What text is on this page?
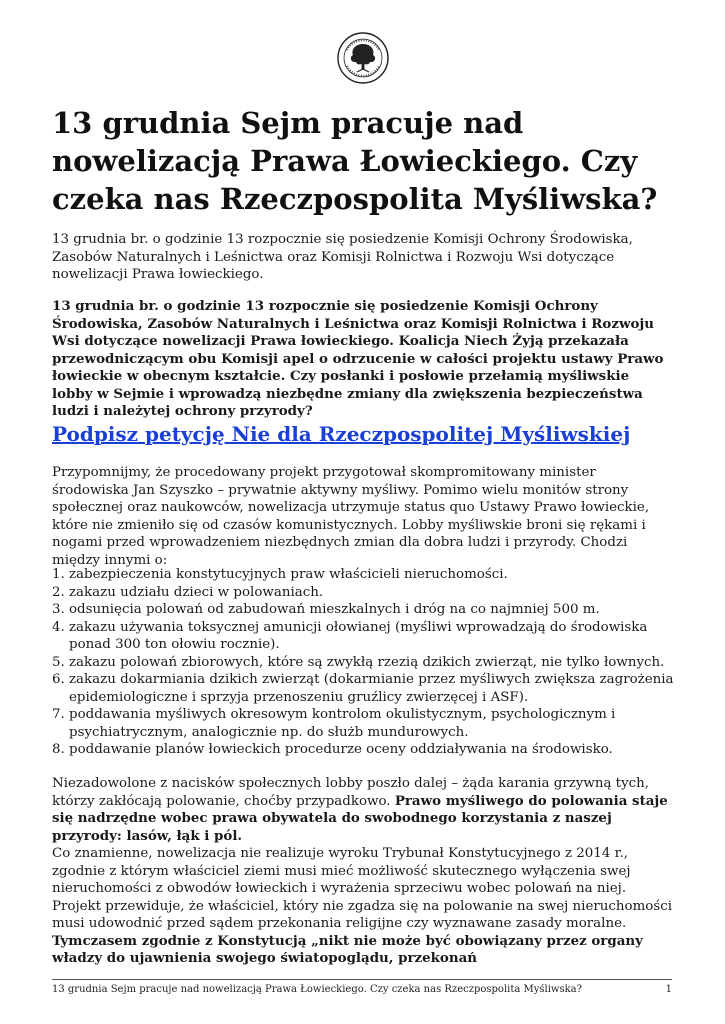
13 grudnia Sejm pracuje nad nowelizacją Prawa Łowieckiego. Czy czeka nas Rzeczpospolita Myśliwska?

13 grudnia br. o godzinie 13 rozpocznie się posiedzenie Komisji Ochrony Środowiska, Zasobów Naturalnych i Leśnictwa oraz Komisji Rolnictwa i Rozwoju Wsi dotyczące nowelizacji Prawa łowieckiego.

13 grudnia br. o godzinie 13 rozpocznie się posiedzenie Komisji Ochrony Środowiska, Zasobów Naturalnych i Leśnictwa oraz Komisji Rolnictwa i Rozwoju Wsi dotyczące nowelizacji Prawa łowieckiego. Koalicja Niech Żyją przekazała przewodniczącym obu Komisji apel o odrzucenie w całości projektu ustawy Prawo łowieckie w obecnym kształcie. Czy posłanki i posłowie przełamią myśliwskie lobby w Sejmie i wprowadzą niezbędne zmiany dla zwiększenia bezpieczeństwa ludzi i należytej ochrony przyrody?

Podpisz petycję Nie dla Rzeczpospolitej Myśliwskiej

Przypomnijmy, że procedowany projekt przygotował skompromitowany minister środowiska Jan Szyszko – prywatnie aktywny myśliwy. Pomimo wielu monitów strony społecznej oraz naukowców, nowelizacja utrzymuje status quo Ustawy Prawo łowieckie, które nie zmieniło się od czasów komunistycznych. Lobby myśliwskie broni się rękami i nogami przed wprowadzeniem niezbędnych zmian dla dobra ludzi i przyrody. Chodzi między innymi o:

1. zabezpieczenia konstytucyjnych praw właścicieli nieruchomości.
2. zakazu udziału dzieci w polowaniach.
3. odsunięcia polowań od zabudowań mieszkalnych i dróg na co najmniej 500 m.
4. zakazu używania toksycznej amunicji ołowianej (myśliwi wprowadzają do środowiska ponad 300 ton ołowiu rocznie).
5. zakazu polowań zbiorowych, które są zwykłą rzezią dzikich zwierząt, nie tylko łownych.
6. zakazu dokarmiania dzikich zwierząt (dokarmianie przez myśliwych zwiększa zagrożenia epidemiologiczne i sprzyja przenoszeniu gruźlicy zwierzęcej i ASF).
7. poddawania myśliwych okresowym kontrolom okulistycznym, psychologicznym i psychiatrycznym, analogicznie np. do służb mundurowych.
8. poddawanie planów łowieckich procedurze oceny oddziaływania na środowisko.

Niezadowolone z nacisków społecznych lobby poszło dalej – żąda karania grzywną tych, którzy zakłócają polowanie, choćby przypadkowo. Prawo myśliwego do polowania staje się nadrzędne wobec prawa obywatela do swobodnego korzystania z naszej przyrody: lasów, łąk i pól.

Co znamienne, nowelizacja nie realizuje wyroku Trybunał Konstytucyjnego z 2014 r., zgodnie z którym właściciel ziemi musi mieć możliwość skutecznego wyłączenia swej nieruchomości z obwodów łowieckich i wyrażenia sprzeciwu wobec polowań na niej. Projekt przewiduje, że właściciel, który nie zgadza się na polowanie na swej nieruchomości musi udowodnić przed sądem przekonania religijne czy wyznawane zasady moralne. Tymczasem zgodnie z Konstytucją „nikt nie może być obowiązany przez organy władzy do ujawnienia swojego światopoglądu, przekonań

13 grudnia Sejm pracuje nad nowelizacją Prawa Łowieckiego. Czy czeka nas Rzeczpospolita Myśliwska?	1
